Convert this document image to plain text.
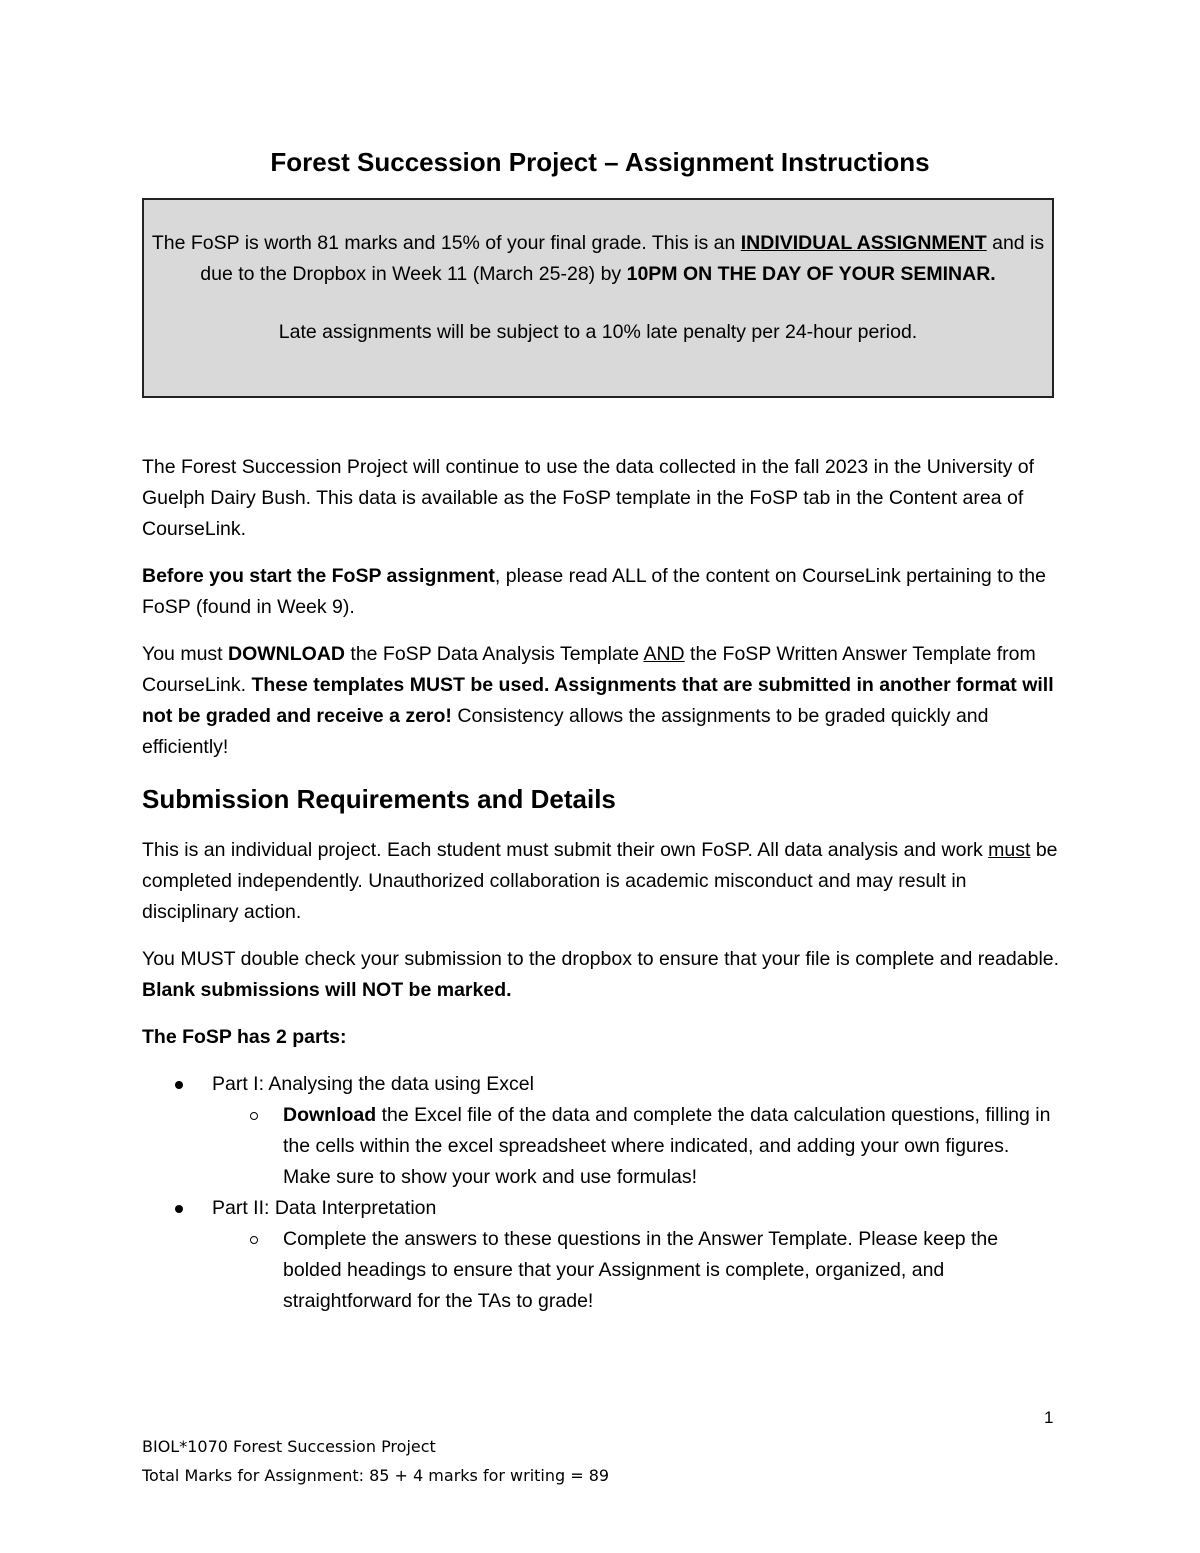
Forest Succession Project – Assignment Instructions

The FoSP is worth 81 marks and 15% of your final grade. This is an INDIVIDUAL ASSIGNMENT and is due to the Dropbox in Week 11 (March 25-28) by 10PM ON THE DAY OF YOUR SEMINAR.

Late assignments will be subject to a 10% late penalty per 24-hour period.

The Forest Succession Project will continue to use the data collected in the fall 2023 in the University of Guelph Dairy Bush. This data is available as the FoSP template in the FoSP tab in the Content area of CourseLink.

Before you start the FoSP assignment, please read ALL of the content on CourseLink pertaining to the FoSP (found in Week 9).

You must DOWNLOAD the FoSP Data Analysis Template AND the FoSP Written Answer Template from CourseLink. These templates MUST be used. Assignments that are submitted in another format will not be graded and receive a zero! Consistency allows the assignments to be graded quickly and efficiently!

Submission Requirements and Details

This is an individual project. Each student must submit their own FoSP. All data analysis and work must be completed independently. Unauthorized collaboration is academic misconduct and may result in disciplinary action.

You MUST double check your submission to the dropbox to ensure that your file is complete and readable. Blank submissions will NOT be marked.

The FoSP has 2 parts:

Part I: Analysing the data using Excel
Download the Excel file of the data and complete the data calculation questions, filling in the cells within the excel spreadsheet where indicated, and adding your own figures. Make sure to show your work and use formulas!
Part II: Data Interpretation
Complete the answers to these questions in the Answer Template. Please keep the bolded headings to ensure that your Assignment is complete, organized, and straightforward for the TAs to grade!
1
BIOL*1070 Forest Succession Project
Total Marks for Assignment: 85 + 4 marks for writing = 89
